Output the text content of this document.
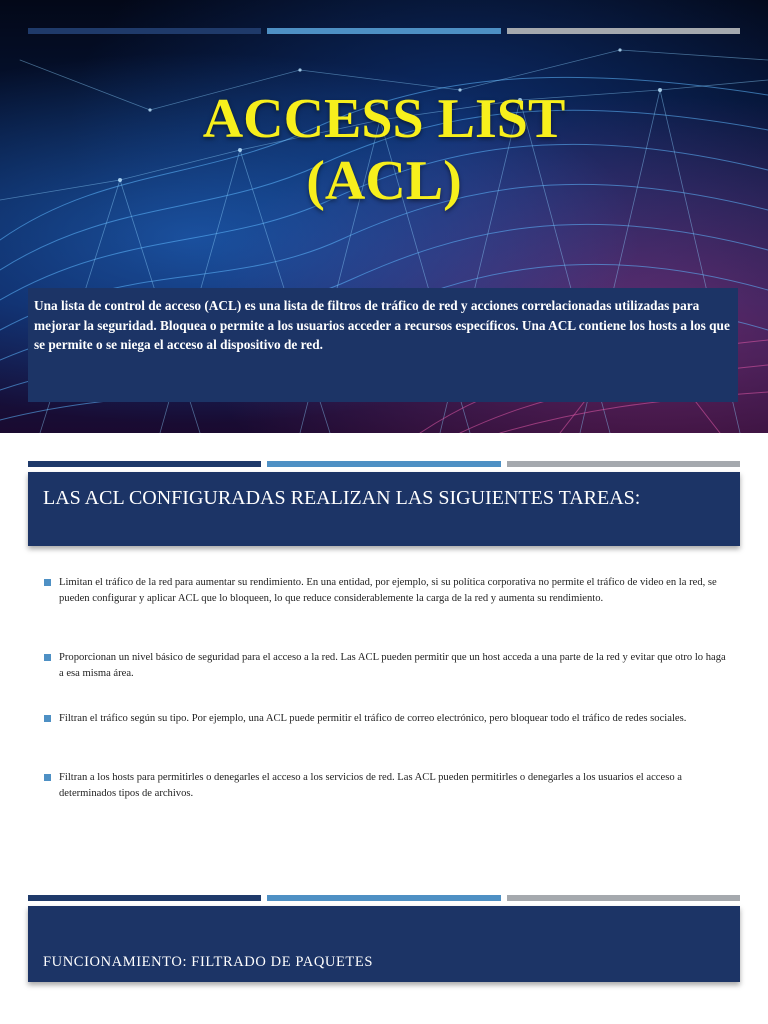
ACCESS LIST
(ACL)

Una lista de control de acceso (ACL) es una lista de filtros de tráfico de red y acciones correlacionadas utilizadas para mejorar la seguridad. Bloquea o permite a los usuarios acceder a recursos específicos. Una ACL contiene los hosts a los que se permite o se niega el acceso al dispositivo de red.

LAS ACL CONFIGURADAS REALIZAN LAS SIGUIENTES TAREAS:
Limitan el tráfico de la red para aumentar su rendimiento. En una entidad, por ejemplo, si su política corporativa no permite el tráfico de video en la red, se pueden configurar y aplicar ACL que lo bloqueen, lo que reduce considerablemente la carga de la red y aumenta su rendimiento.
Proporcionan un nivel básico de seguridad para el acceso a la red. Las ACL pueden permitir que un host acceda a una parte de la red y evitar que otro lo haga a esa misma área.
Filtran el tráfico según su tipo. Por ejemplo, una ACL puede permitir el tráfico de correo electrónico, pero bloquear todo el tráfico de redes sociales.
Filtran a los hosts para permitirles o denegarles el acceso a los servicios de red. Las ACL pueden permitirles o denegarles a los usuarios el acceso a determinados tipos de archivos.
FUNCIONAMIENTO: FILTRADO DE PAQUETES
